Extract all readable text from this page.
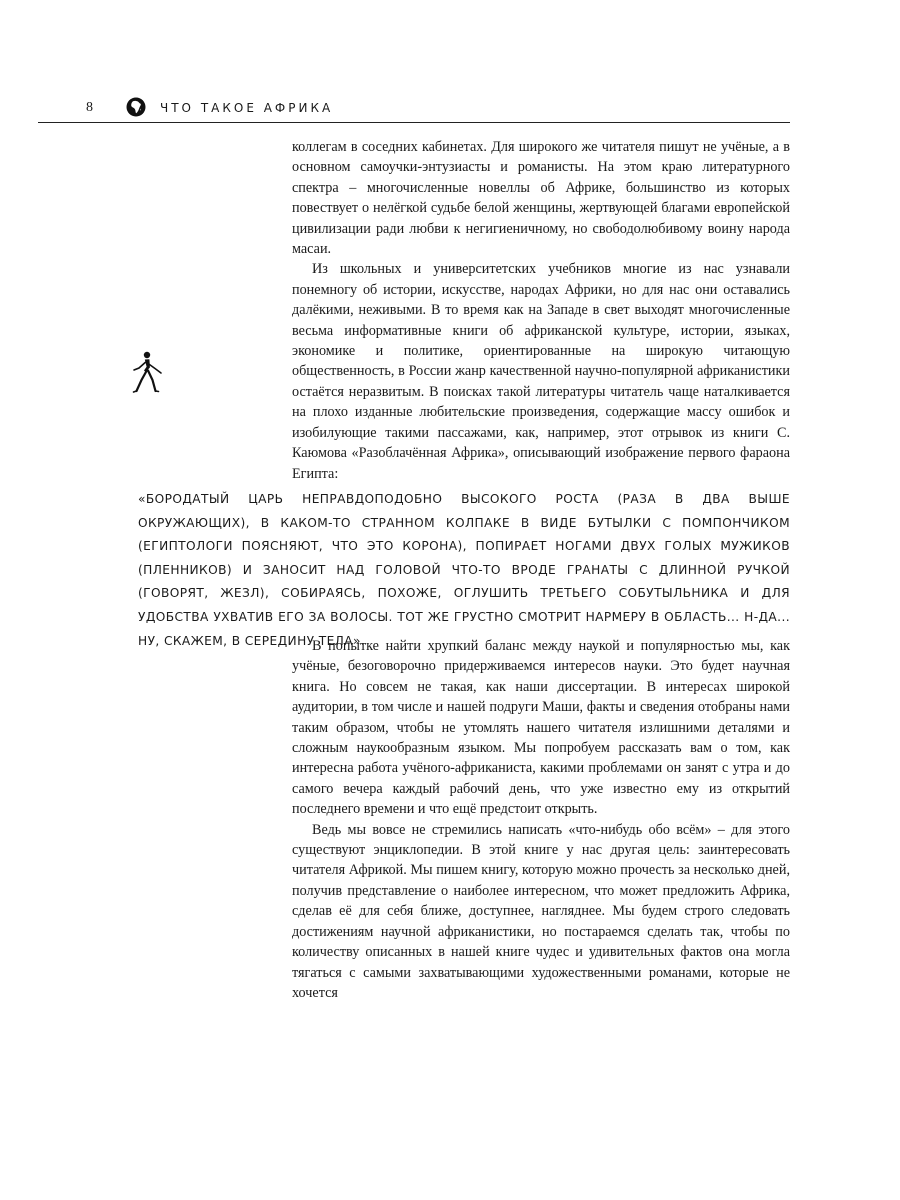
8	ЧТО ТАКОЕ АФРИКА

коллегам в соседних кабинетах. Для широкого же читателя пишут не учёные, а в основном самоучки-энтузиасты и романисты. На этом краю литературного спектра – многочисленные новеллы об Африке, большинство из которых повествует о нелёгкой судьбе белой женщины, жертвующей благами европейской цивилизации ради любви к негигиеничному, но свободолюбивому воину народа масаи.

Из школьных и университетских учебников многие из нас узнавали понемногу об истории, искусстве, народах Африки, но для нас они оставались далёкими, неживыми. В то время как на Западе в свет выходят многочисленные весьма информативные книги об африканской культуре, истории, языках, экономике и политике, ориентированные на широкую читающую общественность, в России жанр качественной научно-популярной африканистики остаётся неразвитым. В поисках такой литературы читатель чаще наталкивается на плохо изданные любительские произведения, содержащие массу ошибок и изобилующие такими пассажами, как, например, этот отрывок из книги С. Каюмова «Разоблачённая Африка», описывающий изображение первого фараона Египта:

«БОРОДАТЫЙ ЦАРЬ НЕПРАВДОПОДОБНО ВЫСОКОГО РОСТА (РАЗА В ДВА ВЫШЕ ОКРУЖАЮЩИХ), В КАКОМ-ТО СТРАННОМ КОЛПАКЕ В ВИДЕ БУТЫЛКИ С ПОМПОНЧИКОМ (ЕГИПТОЛОГИ ПОЯСНЯЮТ, ЧТО ЭТО КОРОНА), ПОПИРАЕТ НОГАМИ ДВУХ ГОЛЫХ МУЖИКОВ (ПЛЕННИКОВ) И ЗАНОСИТ НАД ГОЛОВОЙ ЧТО-ТО ВРОДЕ ГРАНАТЫ С ДЛИННОЙ РУЧКОЙ (ГОВОРЯТ, ЖЕЗЛ), СОБИРАЯСЬ, ПОХОЖЕ, ОГЛУШИТЬ ТРЕТЬЕГО СОБУТЫЛЬНИКА И ДЛЯ УДОБСТВА УХВАТИВ ЕГО ЗА ВОЛОСЫ. ТОТ ЖЕ ГРУСТНО СМОТРИТ НАРМЕРУ В ОБЛАСТЬ... Н-ДА... НУ, СКАЖЕМ, В СЕРЕДИНУ ТЕЛА».

В попытке найти хрупкий баланс между наукой и популярностью мы, как учёные, безоговорочно придерживаемся интересов науки. Это будет научная книга. Но совсем не такая, как наши диссертации. В интересах широкой аудитории, в том числе и нашей подруги Маши, факты и сведения отобраны нами таким образом, чтобы не утомлять нашего читателя излишними деталями и сложным наукообразным языком. Мы попробуем рассказать вам о том, как интересна работа учёного-африканиста, какими проблемами он занят с утра и до самого вечера каждый рабочий день, что уже известно ему из открытий последнего времени и что ещё предстоит открыть.

Ведь мы вовсе не стремились написать «что-нибудь обо всём» – для этого существуют энциклопедии. В этой книге у нас другая цель: заинтересовать читателя Африкой. Мы пишем книгу, которую можно прочесть за несколько дней, получив представление о наиболее интересном, что может предложить Африка, сделав её для себя ближе, доступнее, нагляднее. Мы будем строго следовать достижениям научной африканистики, но постараемся сделать так, чтобы по количеству описанных в нашей книге чудес и удивительных фактов она могла тягаться с самыми захватывающими художественными романами, которые не хочется
